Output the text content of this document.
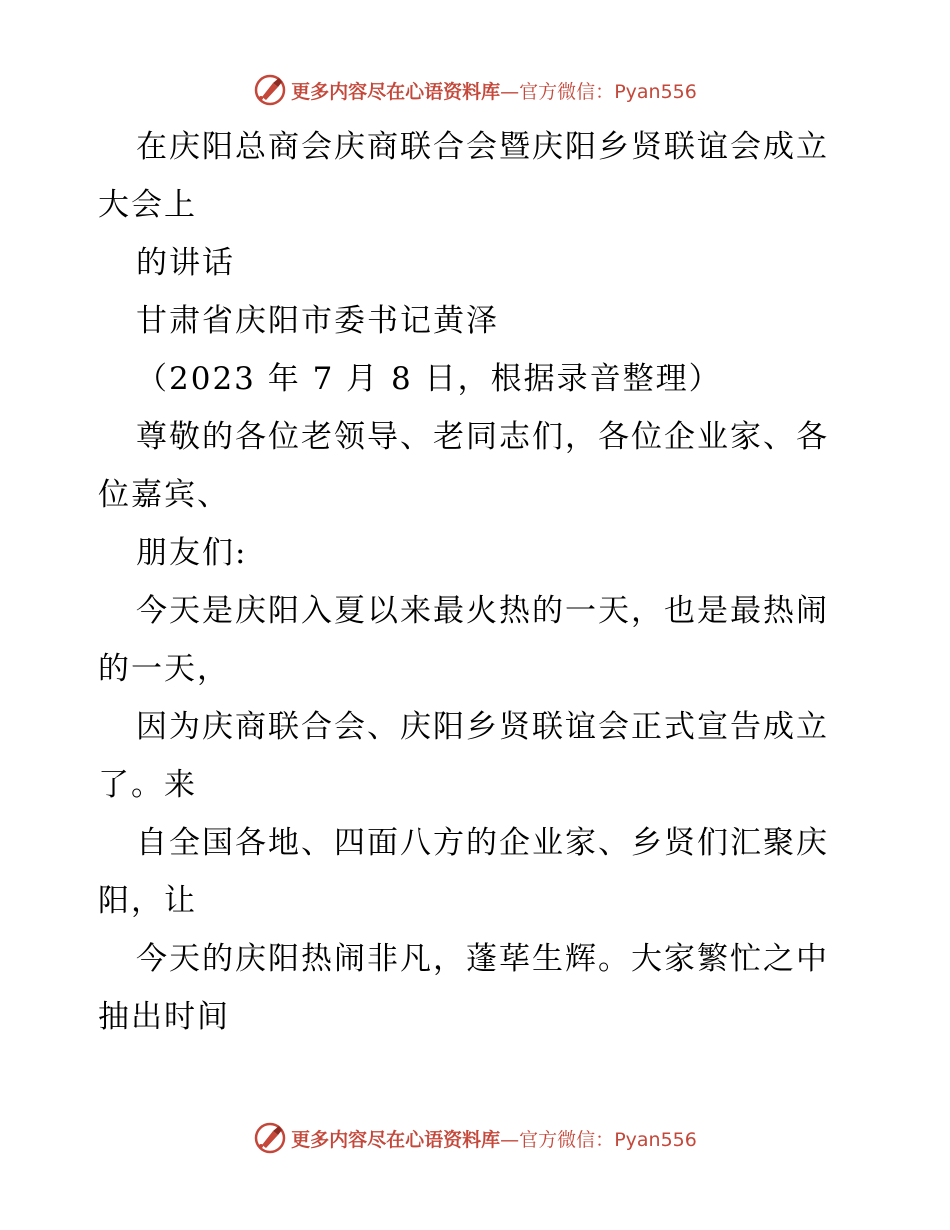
更多内容尽在心语资料库—官方微信：Pyan556
在庆阳总商会庆商联合会暨庆阳乡贤联谊会成立
大会上
的讲话
甘肃省庆阳市委书记黄泽
（2023 年 7 月 8 日，根据录音整理）
尊敬的各位老领导、老同志们，各位企业家、各
位嘉宾、
朋友们:
今天是庆阳入夏以来最火热的一天，也是最热闹
的一天，
因为庆商联合会、庆阳乡贤联谊会正式宣告成立
了。来
自全国各地、四面八方的企业家、乡贤们汇聚庆
阳，让
今天的庆阳热闹非凡，蓬荜生辉。大家繁忙之中
抽出时间
更多内容尽在心语资料库—官方微信：Pyan556
